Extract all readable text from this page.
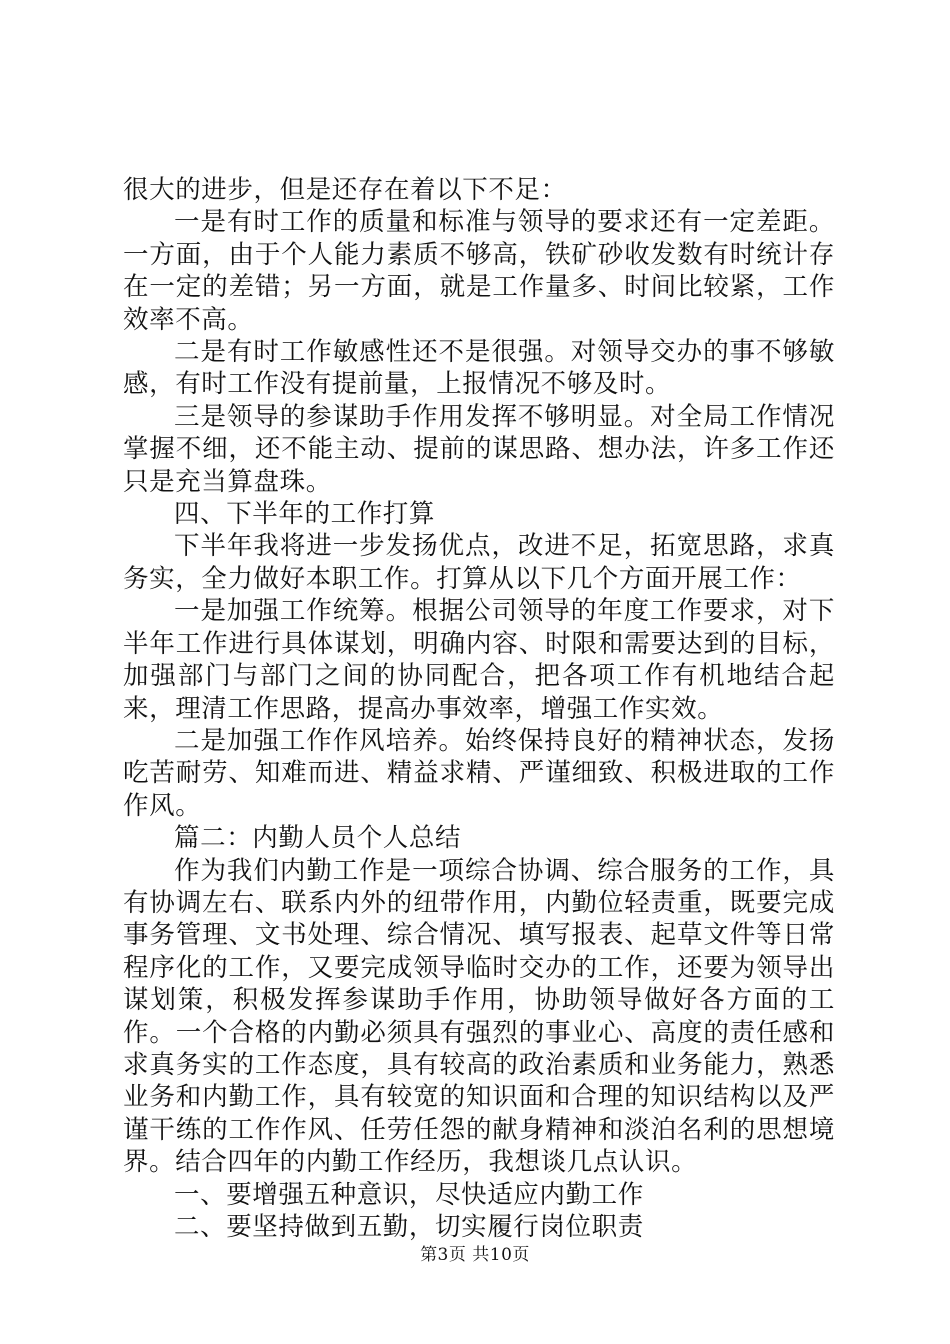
很大的进步，但是还存在着以下不足：

一是有时工作的质量和标准与领导的要求还有一定差距。一方面，由于个人能力素质不够高，铁矿砂收发数有时统计存在一定的差错；另一方面，就是工作量多、时间比较紧，工作效率不高。

二是有时工作敏感性还不是很强。对领导交办的事不够敏感，有时工作没有提前量，上报情况不够及时。

三是领导的参谋助手作用发挥不够明显。对全局工作情况掌握不细，还不能主动、提前的谋思路、想办法，许多工作还只是充当算盘珠。

四、下半年的工作打算

下半年我将进一步发扬优点，改进不足，拓宽思路，求真务实，全力做好本职工作。打算从以下几个方面开展工作：

一是加强工作统筹。根据公司领导的年度工作要求，对下半年工作进行具体谋划，明确内容、时限和需要达到的目标，加强部门与部门之间的协同配合，把各项工作有机地结合起来，理清工作思路，提高办事效率，增强工作实效。

二是加强工作作风培养。始终保持良好的精神状态，发扬吃苦耐劳、知难而进、精益求精、严谨细致、积极进取的工作作风。

篇二：内勤人员个人总结

作为我们内勤工作是一项综合协调、综合服务的工作，具有协调左右、联系内外的纽带作用，内勤位轻责重，既要完成事务管理、文书处理、综合情况、填写报表、起草文件等日常程序化的工作，又要完成领导临时交办的工作，还要为领导出谋划策，积极发挥参谋助手作用，协助领导做好各方面的工作。一个合格的内勤必须具有强烈的事业心、高度的责任感和求真务实的工作态度，具有较高的政治素质和业务能力，熟悉业务和内勤工作，具有较宽的知识面和合理的知识结构以及严谨干练的工作作风、任劳任怨的献身精神和淡泊名利的思想境界。结合四年的内勤工作经历，我想谈几点认识。

一、要增强五种意识，尽快适应内勤工作

二、要坚持做到五勤，切实履行岗位职责

第3页 共10页
